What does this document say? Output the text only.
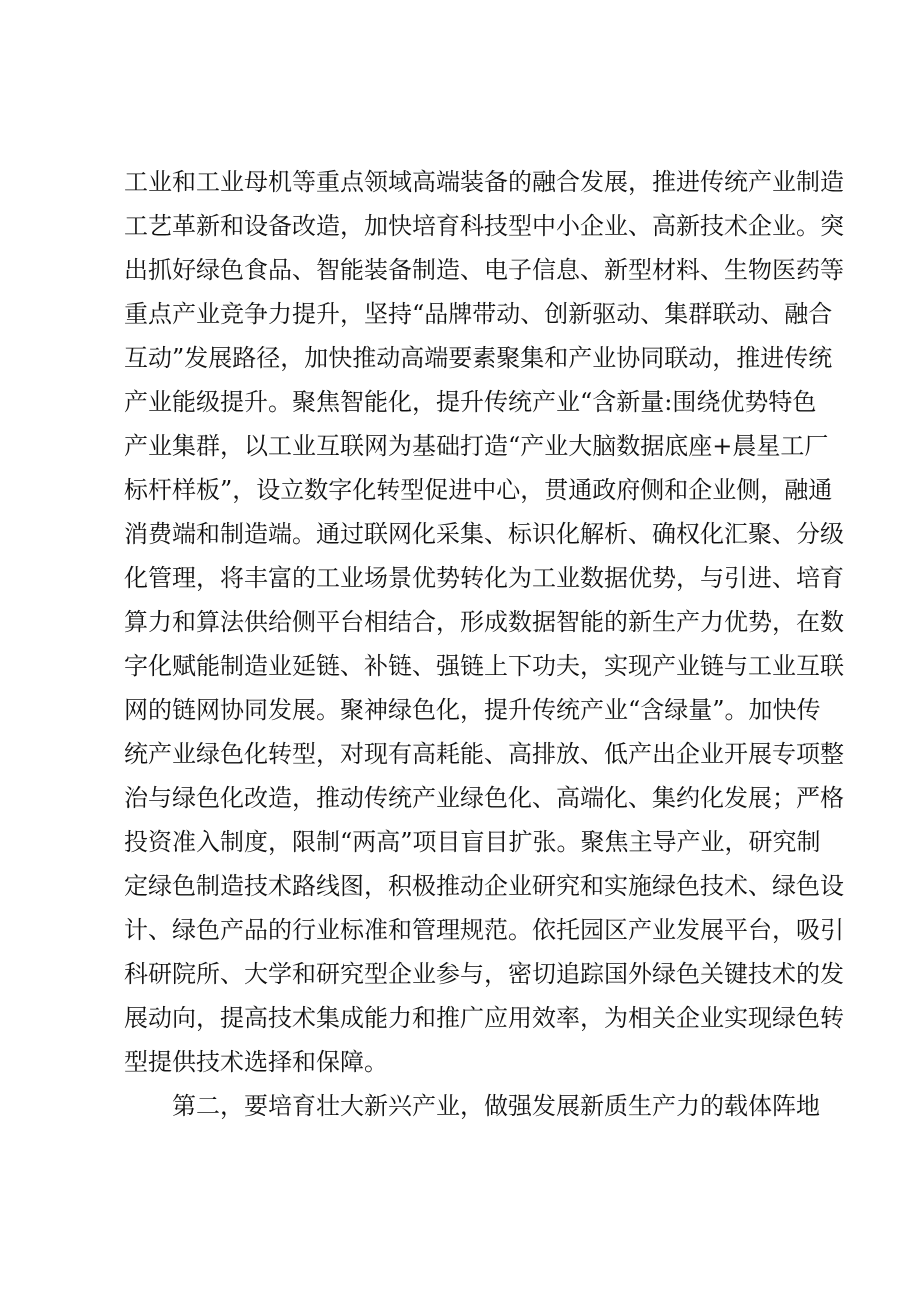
工业和工业母机等重点领域高端装备的融合发展，推进传统产业制造
工艺革新和设备改造，加快培育科技型中小企业、高新技术企业。突
出抓好绿色食品、智能装备制造、电子信息、新型材料、生物医药等
重点产业竞争力提升，坚持“品牌带动、创新驱动、集群联动、融合
互动”发展路径，加快推动高端要素聚集和产业协同联动，推进传统
产业能级提升。聚焦智能化，提升传统产业“含新量:围绕优势特色
产业集群，以工业互联网为基础打造“产业大脑数据底座+晨星工厂
标杆样板”，设立数字化转型促进中心，贯通政府侧和企业侧，融通
消费端和制造端。通过联网化采集、标识化解析、确权化汇聚、分级
化管理，将丰富的工业场景优势转化为工业数据优势，与引进、培育
算力和算法供给侧平台相结合，形成数据智能的新生产力优势，在数
字化赋能制造业延链、补链、强链上下功夫，实现产业链与工业互联
网的链网协同发展。聚神绿色化，提升传统产业“含绿量”。加快传
统产业绿色化转型，对现有高耗能、高排放、低产出企业开展专项整
治与绿色化改造，推动传统产业绿色化、高端化、集约化发展；严格
投资准入制度，限制“两高”项目盲目扩张。聚焦主导产业，研究制
定绿色制造技术路线图，积极推动企业研究和实施绿色技术、绿色设
计、绿色产品的行业标准和管理规范。依托园区产业发展平台，吸引
科研院所、大学和研究型企业参与，密切追踪国外绿色关键技术的发
展动向，提高技术集成能力和推广应用效率，为相关企业实现绿色转
型提供技术选择和保障。
第二，要培育壮大新兴产业，做强发展新质生产力的载体阵地
